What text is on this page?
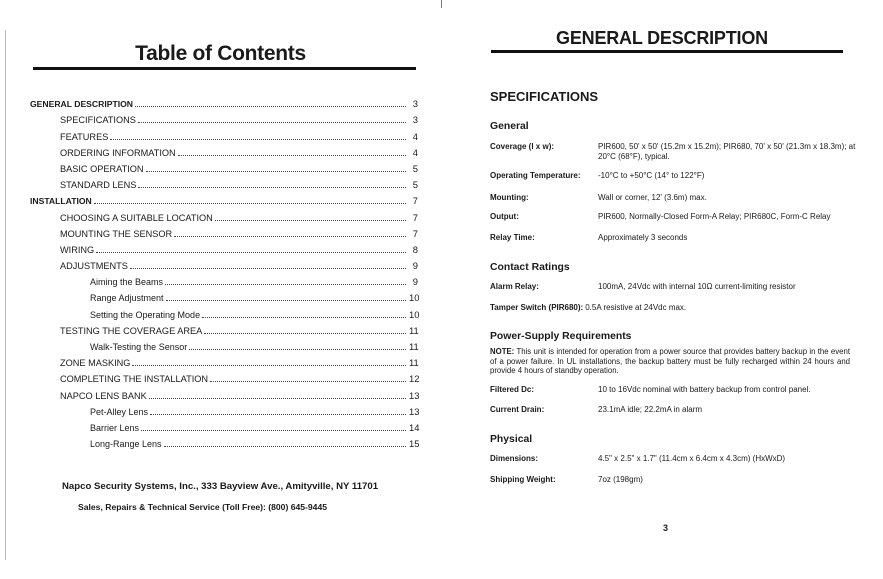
Table of Contents
GENERAL DESCRIPTION	3
SPECIFICATIONS	3
FEATURES	4
ORDERING INFORMATION	4
BASIC OPERATION	5
STANDARD LENS	5
INSTALLATION	7
CHOOSING A SUITABLE LOCATION	7
MOUNTING THE SENSOR	7
WIRING	8
ADJUSTMENTS	9
Aiming the Beams	9
Range Adjustment	10
Setting the Operating Mode	10
TESTING THE COVERAGE AREA	11
Walk-Testing the Sensor	11
ZONE MASKING	11
COMPLETING THE INSTALLATION	12
NAPCO LENS BANK	13
Pet-Alley Lens	13
Barrier Lens	14
Long-Range Lens	15
Napco Security Systems, Inc., 333 Bayview Ave., Amityville, NY 11701
Sales, Repairs & Technical Service (Toll Free): (800) 645-9445
GENERAL DESCRIPTION
SPECIFICATIONS
General
Coverage (l x w):	PIR600, 50' x 50' (15.2m x 15.2m); PIR680, 70' x 50' (21.3m x 18.3m); at 20°C (68°F), typical.
Operating Temperature:	-10°C to +50°C (14° to 122°F)
Mounting:	Wall or corner, 12' (3.6m) max.
Output:	PIR600, Normally-Closed Form-A Relay; PIR680C, Form-C Relay
Relay Time:	Approximately 3 seconds
Contact Ratings
Alarm Relay:	100mA, 24Vdc with internal 10Ω current-limiting resistor
Tamper Switch (PIR680): 0.5A resistive at 24Vdc max.
Power-Supply Requirements
NOTE: This unit is intended for operation from a power source that provides battery backup in the event of a power failure. In UL installations, the backup battery must be fully recharged within 24 hours and provide 4 hours of standby operation.
Filtered Dc:	10 to 16Vdc nominal with battery backup from control panel.
Current Drain:	23.1mA idle; 22.2mA in alarm
Physical
Dimensions:	4.5" x 2.5" x 1.7" (11.4cm x 6.4cm x 4.3cm) (HxWxD)
Shipping Weight:	7oz (198gm)
3
